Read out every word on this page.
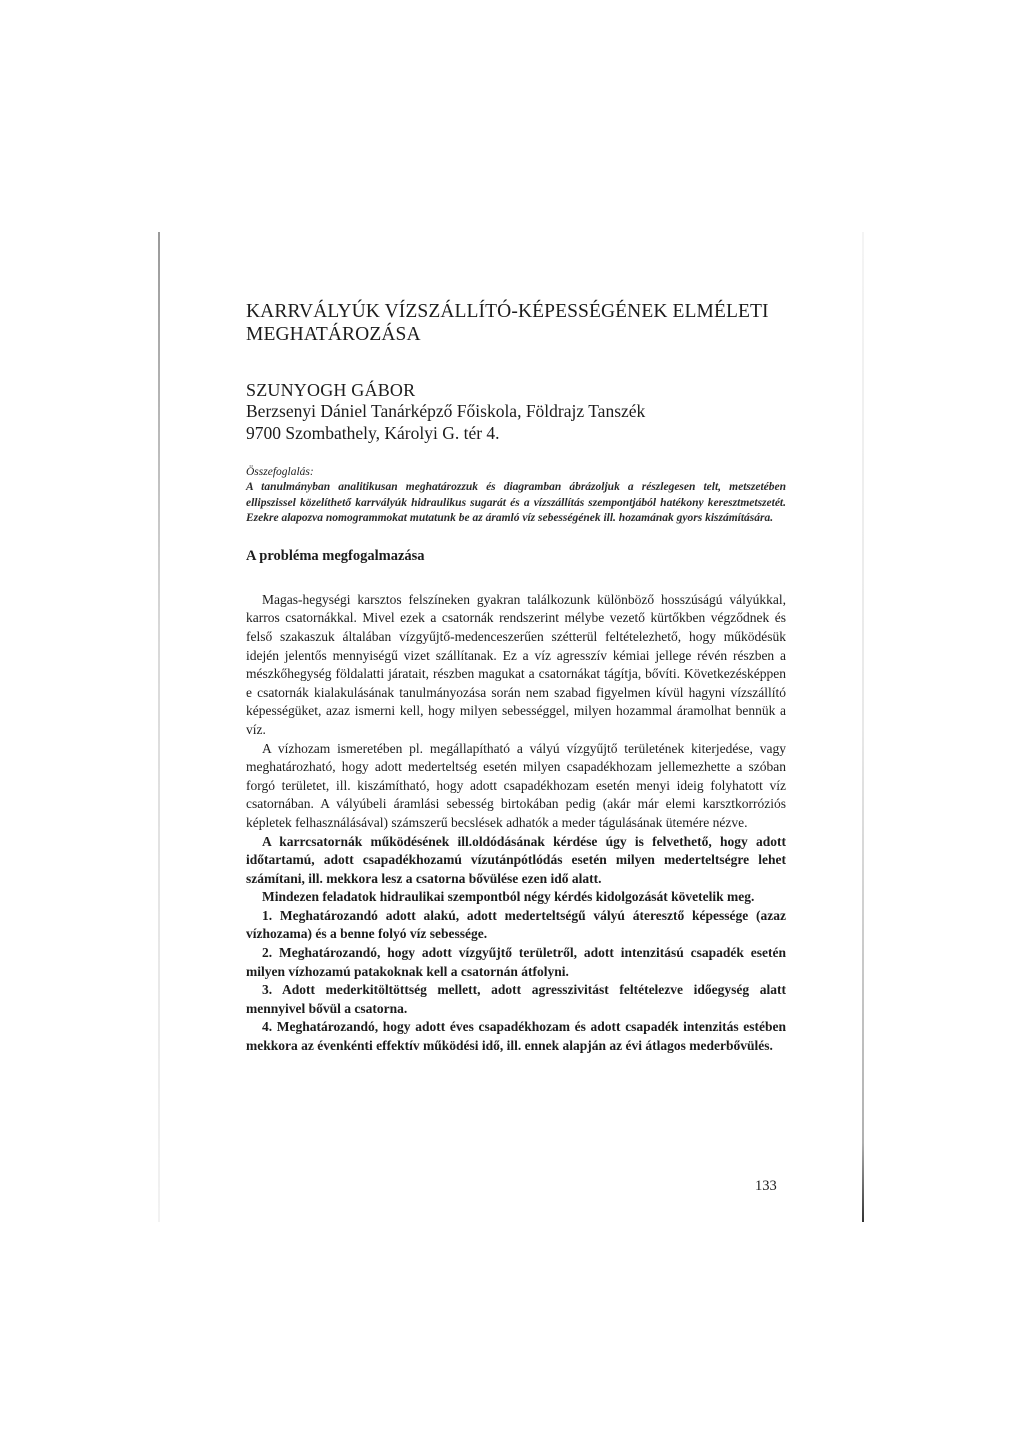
KARRVÁLYÚK VÍZSZÁLLÍTÓ-KÉPESSÉGÉNEK ELMÉLETI
MEGHATÁROZÁSA
SZUNYOGH GÁBOR
Berzsenyi Dániel Tanárképző Főiskola, Földrajz Tanszék
9700 Szombathely, Károlyi G. tér 4.
Összefoglalás:
A tanulmányban analitikusan meghatározzuk és diagramban ábrázoljuk a részlegesen telt, metszetében ellipszissel közelíthető karrvályúk hidraulikus sugarát és a vízszállítás szempontjából hatékony keresztmetszetét. Ezekre alapozva nomogrammokat mutatunk be az áramló víz sebességének ill. hozamának gyors kiszámítására.
A probléma megfogalmazása

Magas-hegységi karsztos felszíneken gyakran találkozunk különböző hosszúságú vályúkkal, karros csatornákkal. Mivel ezek a csatornák rendszerint mélybe vezető kürtőkben végződnek és felső szakaszuk általában vízgyűjtő-medenceszerűen szétterül feltételezhető, hogy működésük idején jelentős mennyiségű vizet szállítanak. Ez a víz agresszív kémiai jellege révén részben a mészkőhegység földalatti járatait, részben magukat a csatornákat tágítja, bővíti. Következésképpen e csatornák kialakulásának tanulmányozása során nem szabad figyelmen kívül hagyni vízszállító képességüket, azaz ismerni kell, hogy milyen sebességgel, milyen hozammal áramolhat bennük a víz.

A vízhozam ismeretében pl. megállapítható a vályú vízgyűjtő területének kiterjedése, vagy meghatározható, hogy adott mederteltség esetén milyen csapadékhozam jellemezhette a szóban forgó területet, ill. kiszámítható, hogy adott csapadékhozam esetén menyi ideig folyhatott víz csatornában. A vályúbeli áramlási sebesség birtokában pedig (akár már elemi karsztkorróziós képletek felhasználásával) számszerű becslések adhatók a meder tágulásának ütemére nézve.

A karrcsatornák működésének ill.oldódásának kérdése úgy is felvethető, hogy adott időtartamú, adott csapadékhozamú vízutánpótlódás esetén milyen mederteltségre lehet számítani, ill. mekkora lesz a csatorna bővülése ezen idő alatt.

Mindezen feladatok hidraulikai szempontból négy kérdés kidolgozását követelik meg.

1. Meghatározandó adott alakú, adott mederteltségű vályú áteresztő képessége (azaz vízhozama) és a benne folyó víz sebessége.

2. Meghatározandó, hogy adott vízgyűjtő területről, adott intenzitású csapadék esetén milyen vízhozamú patakoknak kell a csatornán átfolyni.

3. Adott mederkitöltöttség mellett, adott agresszivitást feltételezve időegység alatt mennyivel bővül a csatorna.

4. Meghatározandó, hogy adott éves csapadékhozam és adott csapadék intenzitás estében mekkora az évenkénti effektív működési idő, ill. ennek alapján az évi átlagos mederbővülés.

133
